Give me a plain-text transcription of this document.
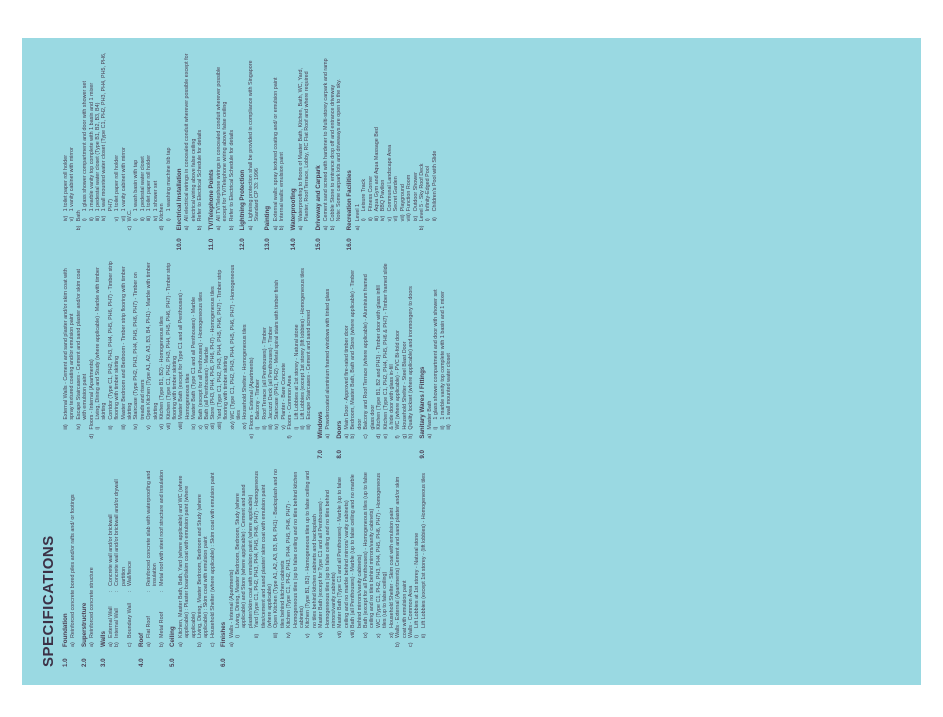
SPECIFICATIONS 1.0
Foundation a)
Reinforced concrete bored piles and/or rafts and/ or footings
2.0
Superstructure a)
Reinforced concrete structure
3.0
Walls a)
External Wall
:
Concrete wall and/or brickwall
b)
Internal Wall
:
Concrete wall and/or brickwall and/or drywall partition
c)
Boundary Wall
:
Wall/fence
4.0
Roof a)
Flat Roof
:
Reinforced concrete slab with waterproofing and insulation
b)
Metal Roof
:
Metal roof with steel roof structure and insulation
5.0
Ceiling a)
Kitchen, Master Bath, Bath, Yard (where applicable) and WC (where applicable) : Plaster board/skim coat with emulsion paint (where applicable)
b)
Living, Dining, Master Bedroom, Bedroom and Study (where applicable) : Skim coat with emulsion paint
c)
Household Shelter (where applicable) : Skim coat with emulsion paint
6.0
Finishes a)
Walls - Internal (Apartments) i)
Living, Dining, Master Bedroom, Bedroom, Study (where applicable) and Store (where applicable) : Cement and sand plaster/skim coat with emulsion paint (where applicable)
ii)
Yard (Type C1, PH2, PH3, PH4, PH5, PH6, PH7) - Homogeneous tiles/cement and sand plaster/ skim coat with emulsion paint (where applicable)
iii)
Open Kitchen (Type A1, A2, A3, B3, B4, PH1) - Backsplash and no tiles behind kitchen cabinets
iv)
Kitchen (Type C1, PH2, PH3, PH4, PH5, PH6, PH7) - Homogeneous tiles (up to false ceiling and no tiles behind kitchen cabinets)
v)
Kitchen (Type B1, B2) - Homogeneous tiles up to false ceiling and no tiles behind kitchen cabinets and backsplash
vi)
Master Bath (except for Type C1 and all Penthouses) - Homogeneous tiles (up to false ceiling and no tiles behind mirrors/vanity cabinets)
vii)
Master Bath (Type C1 and all Penthouses) - Marble (up to false ceiling and no marble behind mirrors/ vanity cabinets)
viii)
Bath (all Penthouses) - Marble (up to false ceiling and no marble behind mirrors/vanity cabinets)
ix)
Bath (except for all Penthouses) - Homogeneous tiles (up to false ceiling and no tiles behind mirrors/vanity cabinets)
x)
WC (Type C1, PH2, PH3, PH4, PH5, PH6, PH7) - Homogeneous tiles (up to false ceiling)
xi)
Household Shelter - Skim coat with emulsion paint
b)
Walls - External (Apartments) Cement and sand plaster and/or skim coat with emulsion paint
c)
Walls - Common Area i)
Lift Lobbies at 1st storey - Natural stone
ii)
Lift Lobbies (except 1st storey - (lift lobbies) - Homogeneous tiles
iii)
External Walls - Cement and sand plaster and/or skim coat with spray textured coating and/or emulsion paint
iv)
Escape Staircases - Cement and sand plaster and/or skim coat with emulsion paint
d)
Floors - Internal (Apartments) i)
Living, Dining and Study (where applicable) - Marble with timber skirting
ii)
Corridor (Type C1, PH2, PH3, PH4, PH5, PH6, PH7) - Timber strip flooring with timber skirting
iii)
Master Bedroom and Bedroom - Timber strip flooring with timber skirting
iv)
Staircase (Type PH2, PH3, PH4, PH5, PH6, PH7) - Timber on treads and risers
v)
Open Kitchen (Type A1, A2, A3, B3, B4, PH1) - Marble with timber skirting
vi)
Kitchen (Type B1, B2) - Homogeneous tiles
vii)
Kitchen (Type C1, PH2, PH3, PH4, PH5, PH6, PH7) - Timber strip flooring with timber skirting
viii)
Master Bath (except for Type C1 and all Penthouses) - Homogeneous tiles
ix)
Master Bath (Type C1 and all Penthouses) - Marble
x)
Bath (except for all Penthouses) - Homogeneous tiles
xi)
Bath (all Penthouses) - Marble
xii)
Store (PH3, PH4, PH5, PH6, PH7) - Homogeneous tiles
xiii)
Yard (Type C1, PH2, PH3, PH4, PH5, PH6, PH7) - Timber strip flooring with timber skirting
xiv)
WC (Type C1, PH2, PH3, PH4, PH5, PH6, PH7) - Homogeneous tiles
xv)
Household Shelter - Homogeneous tiles
e)
Floors - External (Apartments) i)
Balcony - Timber
ii)
Roof Terrace (all Penthouses) - Timber
iii)
Jacuzzi Deck (all Penthouses) - Timber
iv)
Staircase (PH1, PH2) - Metal spiral stairs with timber finish
v)
Planter - Bare Concrete
f)
Floors - Common Area i)
Lift Lobbies at 1st storey - Natural stone
ii)
Lift Lobbies (except 1st storey (lift lobbies) - Homogeneous tiles
iii)
Escape Staircases - Cement and sand screed
7.0
Windows a)
Powdercoated aluminium framed windows with tinted glass
8.0
Doors a)
Main Door - Approved fire-rated timber door
b)
Bedroom, Master Bath, Bath and Store (where applicable) - Timber door
c)
Balcony and Roof Terrace (where applicable) - Aluminium framed glass door
d)
Kitchen (Type B1, B2 and PH3) - Timber door with glass infill
e)
Kitchen (Type C1, PH2, PH4, PH5, PH6 & PH7) - Timber framed slide & hide door with glass in-fill
f)
WC (where applicable) - PVC Bi-fold door
g)
Household Shelter - Steel Blast Door
h)
Quality lockset (where applicable) and ironmongery to doors
9.0
Sanitary Wares / Fittings a)
Master Bath i)
1 glass shower compartment and door with shower set
ii)
1 marble vanity top complete with 1 basin and 1 mixer
iii)
1 wall mounted water closet
iv)
1 toilet paper roll holder
v)
1 vanity cabinet with mirror
b)
Bath i)
1 glass shower compartment and door with shower set
ii)
1 marble vanity top complete with 1 basin and 1 mixer
iii)
1 pedestal water closet (Type B1, B2, B3, B4)
iv)
1 wall mounted water closet (Type C1, PH2, PH3, PH4, PH5, PH6, PH7)
v)
1 toilet paper roll holder
vi)
1 vanity cabinet with mirror
c)
W.C. i)
1 wash basin with tap
ii)
1 pedestal water closet
iii)
1 toilet paper roll holder
iv)
1 shower set
d)
Kitchen i)
1 washing machine bib tap
10.0
Electrical Installation a)
All electrical wirings in concealed conduit wherever possible except for electrical wiring above false ceiling
b)
Refer to Electrical Schedule for details
11.0
TV/Telephone Points a)
All TV/Telephone wirings in concealed conduit wherever possible except for TV/Telephone wiring above false ceiling
b)
Refer to Electrical Schedule for details
12.0
Lightning Protection a)
Lightning protection shall be provided in compliance with Singapore Standard CP 33: 1996
13.0
Painting a)
External walls: spray textured coating and/ or emulsion paint
b)
Internal walls: emulsion paint
14.0
Waterproofing a)
Waterproofing to floors of Master Bath, Kitchen, Bath, WC, Yard, Planter, Roof Terrace, Lobby, RC Flat Roof and where required
15.0
Driveway and Carpark a)
Cement sand screed with hardener to Multi-storey carpark and ramp
b)
Cobble Stone to entrance drop off and entrance driveway Note: Some carpark lots and driveways are open to the sky.
16.0
Recreation Facilities a)
Level 1 i)
Leisure Track
ii)
Fitness Corner
iii)
Aqua Gym and Aqua Massage Bed
iv)
BBQ Pavilion
v)
Communal Landscape Area
vi)
Secret Garden
vii)
Playground
viii)
Function Room
ix)
Outdoor Shower
b)
Level 5 - Sky Roof Deck i)
Infinity-Edged Pool
ii)
Children's Pool with Slide
